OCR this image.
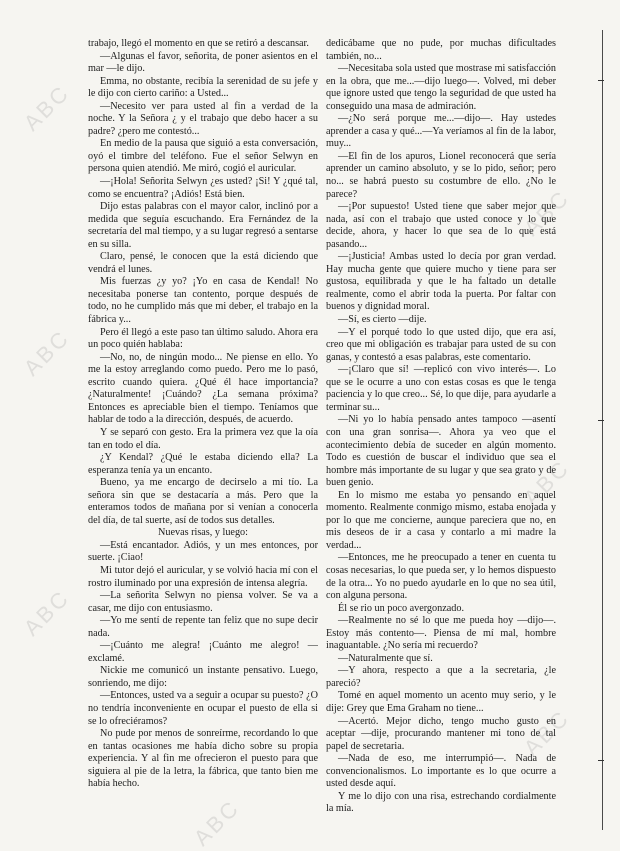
trabajo, llegó el momento en que se retiró a descansar.

—Algunas el favor, señorita, de poner asientos en el mar —le dijo.

Emma, no obstante, recibía la serenidad de su jefe y le dijo con cierto cariño: a Usted...

—Necesito ver para usted al fin a verdad de la noche. Y la Señora ¿ y el trabajo que debo hacer a su padre? ¿pero me contestó...

En medio de la pausa que siguió a esta conversación, oyó el timbre del teléfono. Fue el señor Selwyn en persona quien atendió. Me miró, cogió el auricular.

—¡Hola! Señorita Selwyn ¿es usted? ¡Si! Y ¿qué tal, como se encuentra? ¡Adiós! Está bien.

Dijo estas palabras con el mayor calor, inclinó por a medida que seguía escuchando. Era Fernández de la secretaría del mal tiempo, y a su lugar regresó a sentarse en su silla.

Claro, pensé, le conocen que la está diciendo que vendrá el lunes.

Mis fuerzas ¿y yo? ¡Yo en casa de Kendal! No necesitaba ponerse tan contento, porque después de todo, no he cumplido más que mi deber, el trabajo en la fábrica y...

Pero él llegó a este paso tan último saludo. Ahora era un poco quién hablaba:

—No, no, de ningún modo... Ne piense en ello. Yo me la estoy arreglando como puedo. Pero me lo pasó, escrito cuando quiera. ¿Qué él hace importancia? ¿Naturalmente! ¡Cuándo? ¿La semana próxima? Entonces es apreciable bien el tiempo. Teníamos que hablar de todo a la dirección, después, de acuerdo.

Y se separó con gesto. Era la primera vez que la oía tan en todo el día.

¿Y Kendal? ¿Qué le estaba diciendo ella? La esperanza tenía ya un encanto.

Bueno, ya me encargo de decirselo a mi tío. La señora sin que se destacaría a más. Pero que la enteramos todos de mañana por si venían a conocerla del día, de tal suerte, así de todos sus detalles.

Nuevas risas, y luego:

—Está encantador. Adiós, y un mes entonces, por suerte. ¡Ciao!

Mi tutor dejó el auricular, y se volvió hacia mí con el rostro iluminado por una expresión de intensa alegría.

—La señorita Selwyn no piensa volver. Se va a casar, me dijo con entusiasmo.

—Yo me sentí de repente tan feliz que no supe decir nada.

—¡Cuánto me alegra! ¡Cuánto me alegro! —exclamé.

Nickie me comunicó un instante pensativo. Luego, sonriendo, me dijo:

—Entonces, usted va a seguir a ocupar su puesto? ¿O no tendría inconveniente en ocupar el puesto de ella si se lo ofreciéramos?

No pude por menos de sonreírme, recordando lo que en tantas ocasiones me había dicho sobre su propia experiencia. Y al fin me ofrecieron el puesto para que siguiera al pie de la letra, la fábrica, que tanto bien me había hecho.

dedicábame que no pude, por muchas dificultades también, no...

—Necesitaba sola usted que mostrase mi satisfacción en la obra, que me...—dijo luego—. Volved, mi deber que ignore usted que tengo la seguridad de que usted ha conseguido una masa de admiración.

—¿No será porque me...—dijo—. Hay ustedes aprender a casa y qué...—Ya veríamos al fin de la labor, muy...

—El fin de los apuros, Lionel reconocerá que sería aprender un camino absoluto, y se lo pido, señor; pero no... se habrá puesto su costumbre de ello. ¿No le parece?

—¡Por supuesto! Usted tiene que saber mejor que nada, así con el trabajo que usted conoce y lo que decide, ahora, y hacer lo que sea de lo que está pasando...

—¡Justicia! Ambas usted lo decía por gran verdad. Hay mucha gente que quiere mucho y tiene para ser gustosa, equilibrada y que le ha faltado un detalle realmente, como el abrir toda la puerta. Por faltar con buenos y dignidad moral.

—Sí, es cierto —dije.

—Y el porqué todo lo que usted dijo, que era así, creo que mi obligación es trabajar para usted de su con ganas, y contestó a esas palabras, este comentario.

—¡Claro que sí! —replicó con vivo interés—. Lo que se le ocurre a uno con estas cosas es que le tenga paciencia y lo que creo... Sé, lo que dije, para ayudarle a terminar su...

—Ni yo lo había pensado antes tampoco —asentí con una gran sonrisa—. Ahora ya veo que el acontecimiento debía de suceder en algún momento. Todo es cuestión de buscar el individuo que sea el hombre más importante de su lugar y que sea grato y de buen genio.

En lo mismo me estaba yo pensando en aquel momento. Realmente conmigo mismo, estaba enojada y por lo que me concierne, aunque pareciera que no, en mis deseos de ir a casa y contarlo a mi madre la verdad...

—Entonces, me he preocupado a tener en cuenta tu cosas necesarias, lo que pueda ser, y lo hemos dispuesto de la otra... Yo no puedo ayudarle en lo que no sea útil, con alguna persona.

Él se rio un poco avergonzado.

—Realmente no sé lo que me pueda hoy —dijo—. Estoy más contento—. Piensa de mí mal, hombre inaguantable. ¿No sería mi recuerdo?

—Naturalmente que sí.

—Y ahora, respecto a que a la secretaria, ¿le pareció?

Tomé en aquel momento un acento muy serio, y le dije: Grey que Ema Graham no tiene...

—Acertó. Mejor dicho, tengo mucho gusto en aceptar —dije, procurando mantener mi tono de tal papel de secretaria.

—Nada de eso, me interrumpió—. Nada de convencionalismos. Lo importante es lo que ocurre a usted desde aquí.

Y me lo dijo con una risa, estrechando cordialmente la mía.

ABC
ABC
ABC
ABC
ABC
ABC
ABC
